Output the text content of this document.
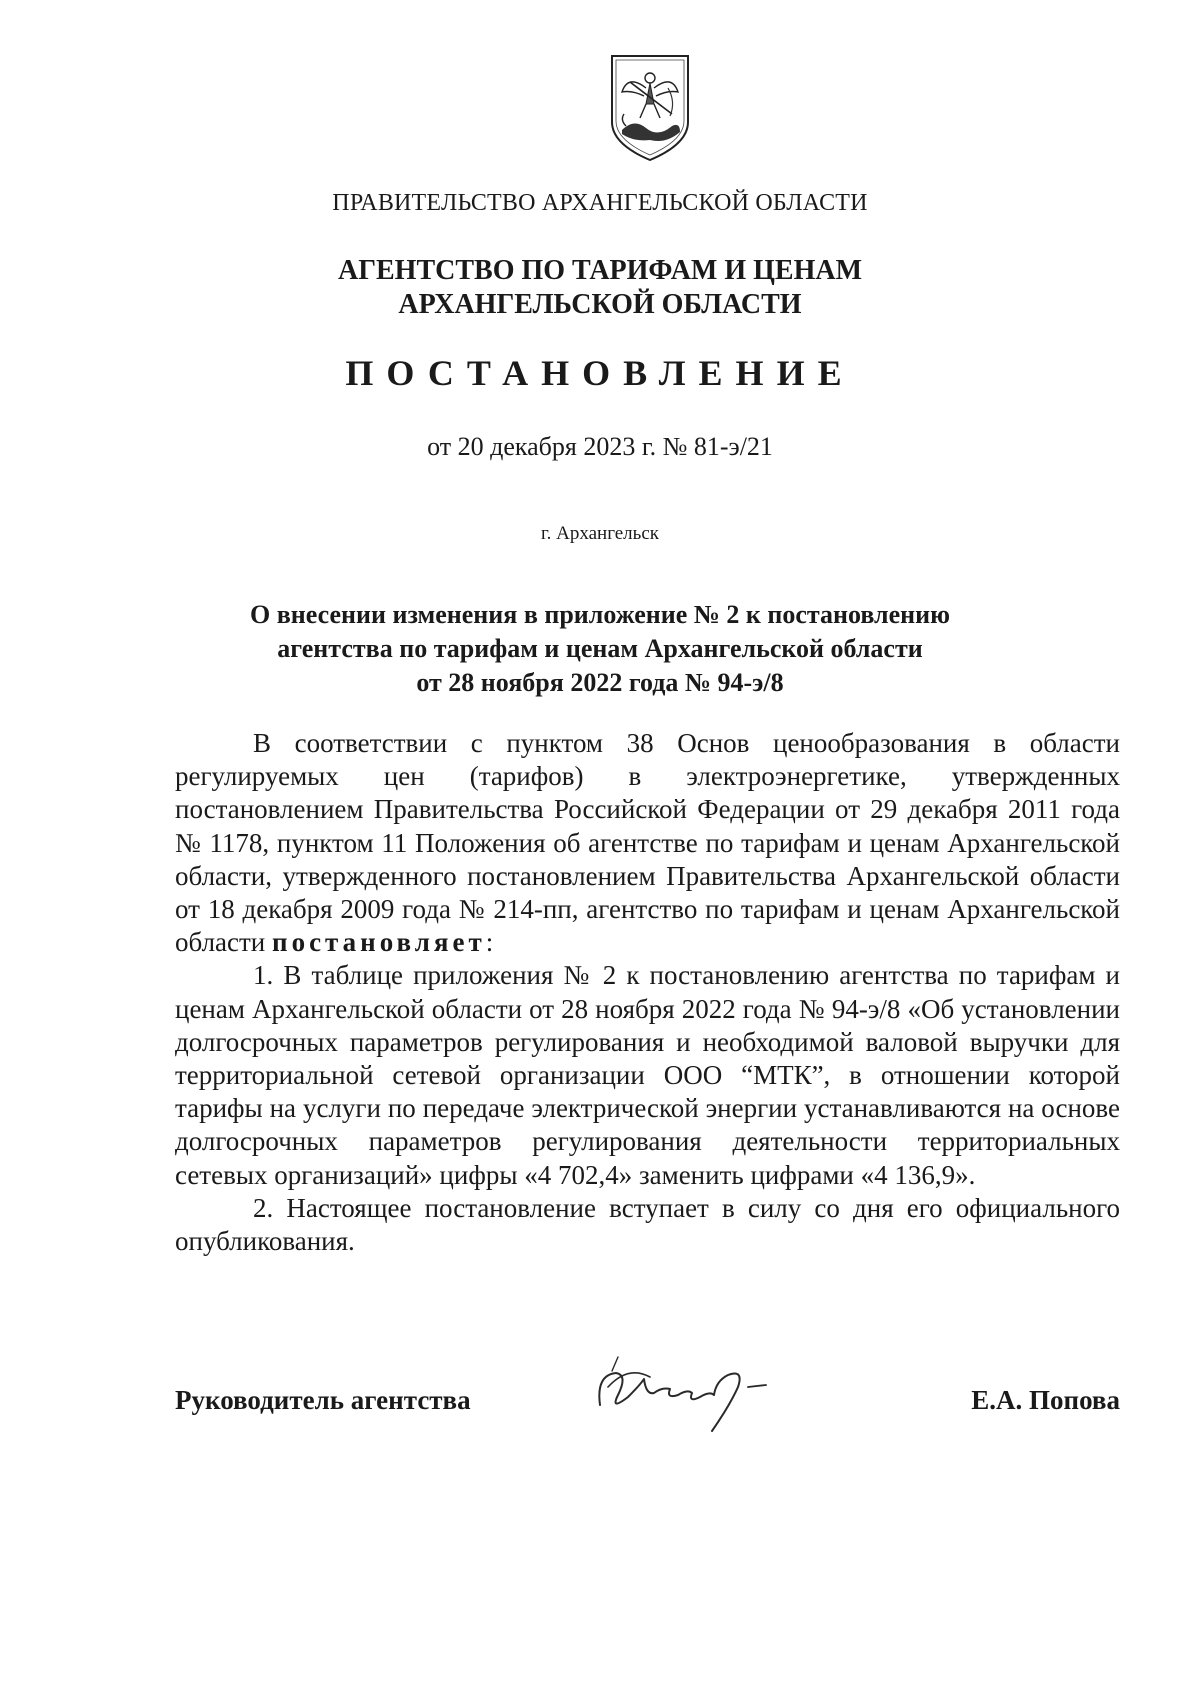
ПРАВИТЕЛЬСТВО АРХАНГЕЛЬСКОЙ ОБЛАСТИ
АГЕНТСТВО ПО ТАРИФАМ И ЦЕНАМ
АРХАНГЕЛЬСКОЙ ОБЛАСТИ
ПОСТАНОВЛЕНИЕ
от 20 декабря 2023 г. № 81-э/21
г. Архангельск
О внесении изменения в приложение № 2 к постановлению
агентства по тарифам и ценам Архангельской области
от 28 ноября 2022 года № 94-э/8

В соответствии с пунктом 38 Основ ценообразования в области регулируемых цен (тарифов) в электроэнергетике, утвержденных постановлением Правительства Российской Федерации от 29 декабря 2011 года № 1178, пунктом 11 Положения об агентстве по тарифам и ценам Архангельской области, утвержденного постановлением Правительства Архангельской области от 18 декабря 2009 года № 214-пп, агентство по тарифам и ценам Архангельской области постановляет:

1. В таблице приложения № 2 к постановлению агентства по тарифам и ценам Архангельской области от 28 ноября 2022 года № 94-э/8 «Об установлении долгосрочных параметров регулирования и необходимой валовой выручки для территориальной сетевой организации ООО “МТК”, в отношении которой тарифы на услуги по передаче электрической энергии устанавливаются на основе долгосрочных параметров регулирования деятельности территориальных сетевых организаций» цифры «4 702,4» заменить цифрами «4 136,9».

2. Настоящее постановление вступает в силу со дня его официального опубликования.

Руководитель агентства	Е.А. Попова
